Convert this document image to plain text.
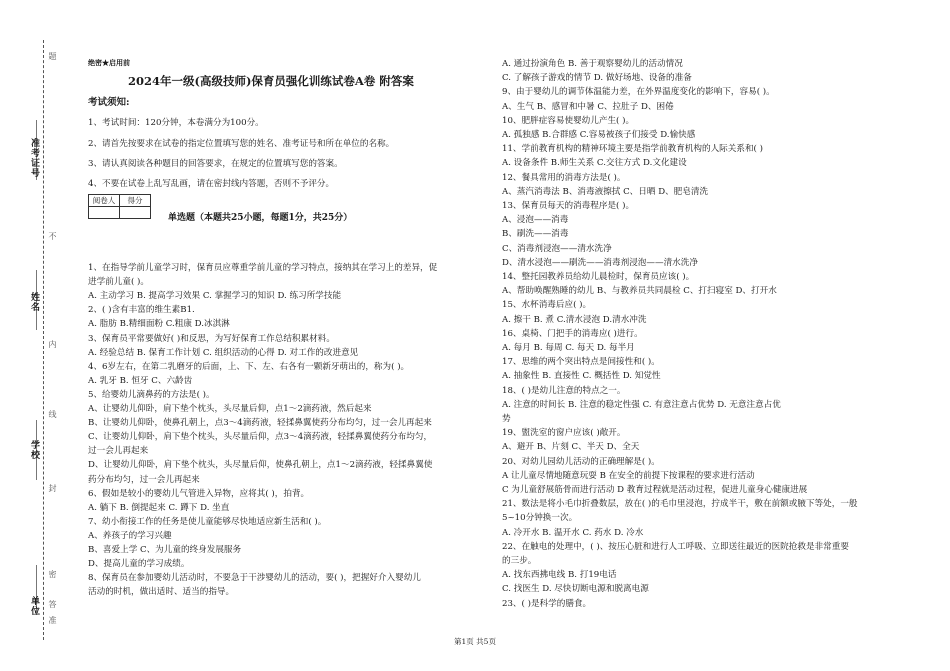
准考证号
姓名
学校
单位
题
不
内
线
封
密
答
准
绝密★启用前
2024年一级(高级技师)保育员强化训练试卷A卷 附答案
考试须知:
1、考试时间：120分钟，本卷满分为100分。
2、请首先按要求在试卷的指定位置填写您的姓名、准考证号和所在单位的名称。
3、请认真阅读各种题目的回答要求，在规定的位置填写您的答案。
4、不要在试卷上乱写乱画，请在密封线内答题，否则不予评分。
阅卷人	得分

单选题（本题共25小题，每题1分，共25分）
1、在指导学前儿童学习时，保育员应尊重学前儿童的学习特点，接纳其在学习上的差异，促
进学前儿童( )。
A. 主动学习 B. 提高学习效果 C. 掌握学习的知识 D. 练习所学技能
2、( )含有丰富的维生素B1.
A. 脂肪 B.精细面粉 C.粗康 D.冰淇淋
3、保育员平常要做好( )和反思，为写好保育工作总结积累材料。
A. 经验总结 B. 保育工作计划 C. 组织活动的心得 D. 对工作的改进意见
4、6岁左右，在第二乳磨牙的后面，上、下、左、右各有一颗新牙萌出的，称为( )。
A. 乳牙 B. 恒牙 C、六龄齿
5、给婴幼儿滴鼻药的方法是( )。
A、让婴幼儿仰卧，肩下垫个枕头，头尽量后仰，点1～2滴药液，然后起来
B、让婴幼儿仰卧，使鼻孔朝上，点3～4滴药液，轻揉鼻翼使药分布均匀，过一会儿再起来
C、让婴幼儿仰卧，肩下垫个枕头，头尽量后仰，点3～4滴药液，轻揉鼻翼使药分布均匀，
过一会儿再起来
D、让婴幼儿仰卧，肩下垫个枕头，头尽量后仰，使鼻孔朝上，点1～2滴药液，轻揉鼻翼使
药分布均匀，过一会儿再起来
6、假如是较小的婴幼儿气管进入异物，应将其( )，拍背。
A. 躺下 B. 倒提起来 C. 蹲下 D. 坐直
7、幼小衔接工作的任务是使儿童能够尽快地适应新生活和( )。
A、养孩子的学习兴趣
B、喜爱上学 C、为儿童的终身发展服务
D、提高儿童的学习成绩。
8、保育员在参加婴幼儿活动时，不要急于干涉婴幼儿的活动，要( )，把握好介入婴幼儿
活动的时机，做出适时、适当的指导。
A. 通过扮演角色 B. 善于观察婴幼儿的活动情况
C. 了解孩子游戏的情节 D. 做好场地、设备的准备
9、由于婴幼儿的调节体温能力差，在外界温度变化的影响下，容易( )。
A、生气 B、感冒和中暑 C、拉肚子 D、困倦
10、肥胖症容易使婴幼儿产生( )。
A. 孤独感 B.合群感 C.容易被孩子们接受 D.愉快感
11、学前教育机构的精神环境主要是指学前教育机构的人际关系和( )
A. 设备条件 B.师生关系 C.交往方式 D.文化建设
12、餐具常用的消毒方法是( )。
A、蒸汽消毒法 B、消毒液擦拭 C、日晒 D、肥皂清洗
13、保育员每天的消毒程序是( )。
A、浸泡——消毒
B、刷洗——消毒
C、消毒剂浸泡——清水洗净
D、清水浸泡——刷洗——消毒剂浸泡——清水洗净
14、整托园教养员给幼儿晨检时，保育员应该( )。
A、帮助唤醒熟睡的幼儿 B、与教养员共同晨检 C、打扫寝室 D、打开水
15、水杯消毒后应( )。
A. 擦干 B. 煮 C.清水浸泡 D.清水冲洗
16、桌椅、门把手的消毒应( )进行。
A. 每月 B. 每周 C. 每天 D. 每半月
17、思维的两个突出特点是间接性和( )。
A. 抽象性 B. 直接性 C. 概括性 D. 知觉性
18、( )是幼儿注意的特点之一。
A. 注意的时间长 B. 注意的稳定性强 C. 有意注意占优势 D. 无意注意占优
势
19、盥洗室的窗户应该( )敞开。
A、避开 B、片刻 C、半天 D、全天
20、对幼儿园幼儿活动的正确理解是( )。
A 让儿童尽情地随意玩耍 B 在安全的前提下按课程的要求进行活动
C 为儿童舒展筋骨而进行活动 D 教育过程就是活动过程，促进儿童身心健康进展
21、数法是将小毛巾折叠数层，放在( )的毛巾里浸泡，拧成半干，敷在前额或腋下等处，一般
5~10分钟换一次。
A. 冷开水 B. 温开水 C. 药水 D. 冷水
22、在触电的处理中，( )、按压心脏和进行人工呼吸、立即送往最近的医院抢救是非常重要
的三步。
A. 找东西拂电线 B. 打19电话
C. 找医生 D. 尽快切断电源和脱离电源
23、( )是科学的膳食。
第1页 共5页
